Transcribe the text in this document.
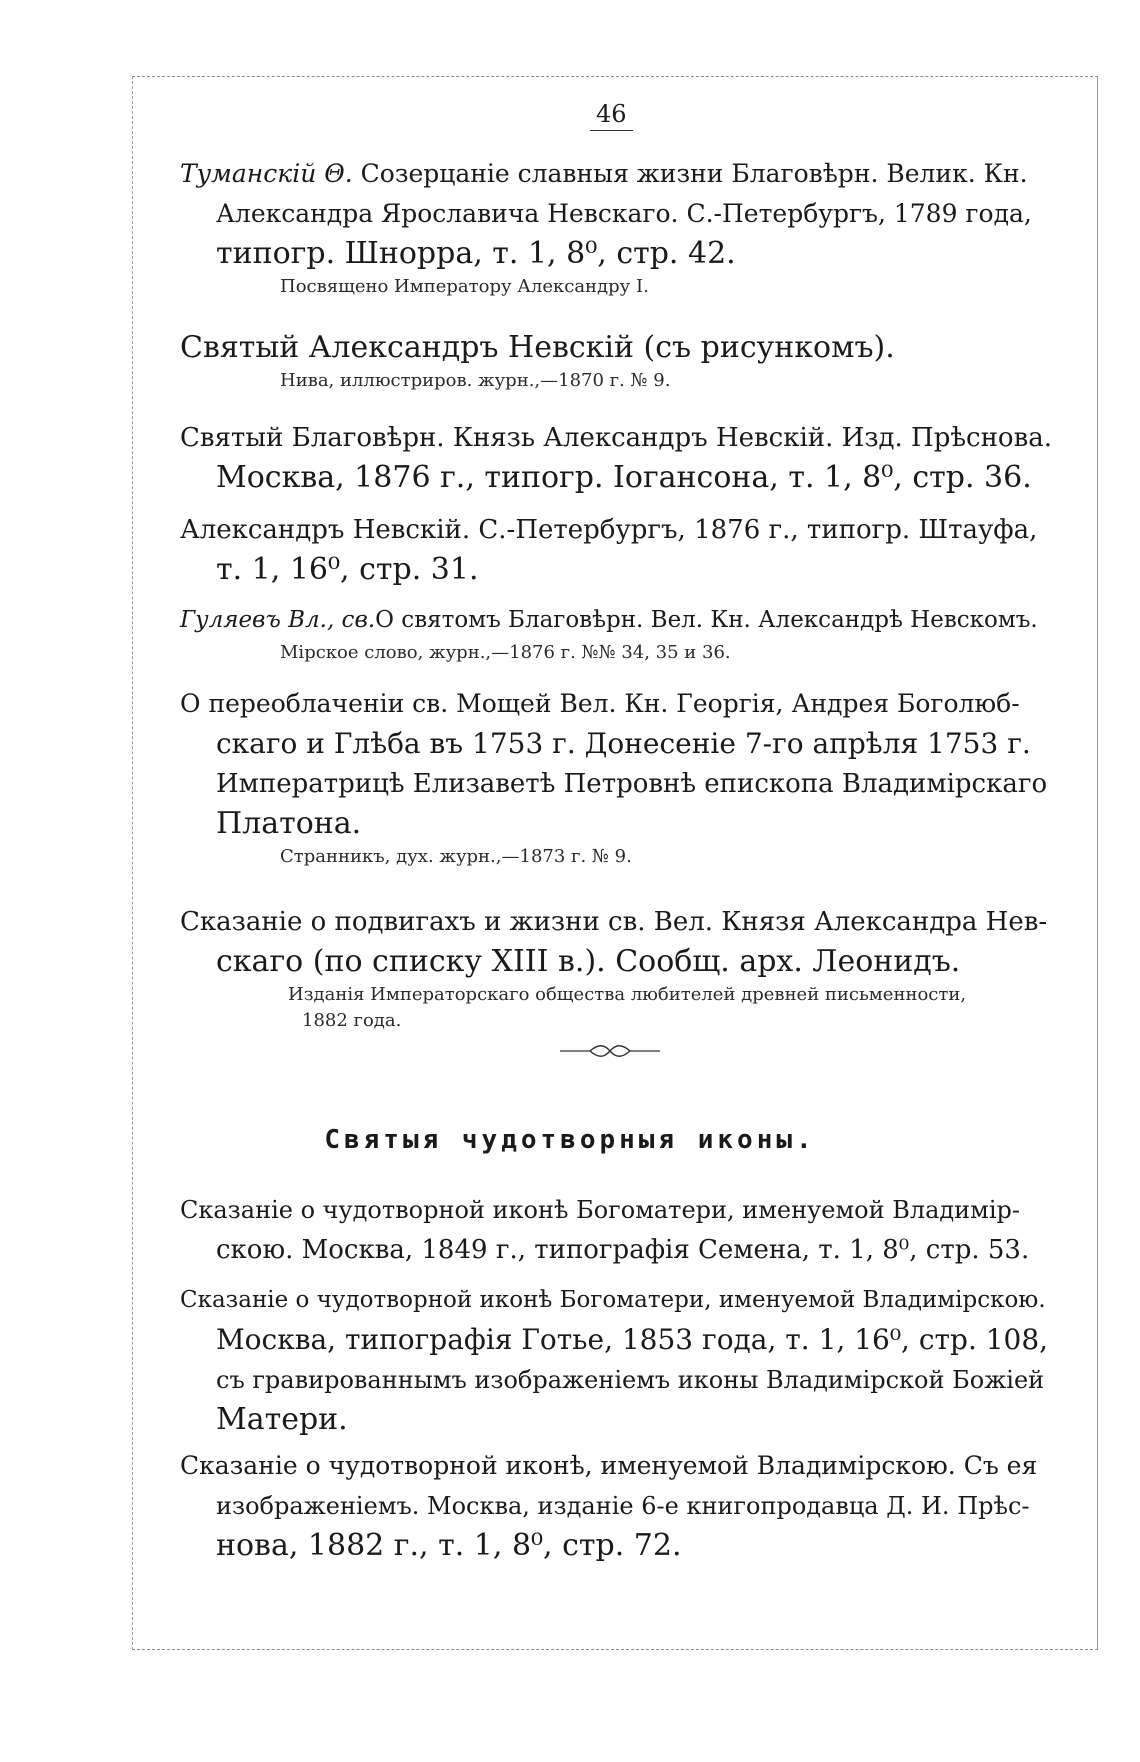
46
Туманскій Θ. Созерцаніе славныя жизни Благовѣрн. Велик. Кн.
Александра Ярославича Невскаго. С.-Петербургъ, 1789 года,
типогр. Шнорра, т. 1, 8⁰, стр. 42.
Посвящено Императору Александру I.
Святый Александръ Невскій (съ рисункомъ).
Нива, иллюстриров. журн.,—1870 г. № 9.
Святый Благовѣрн. Князь Александръ Невскій. Изд. Прѣснова.
Москва, 1876 г., типогр. Іогансона, т. 1, 8⁰, стр. 36.
Александръ Невскій. С.-Петербургъ, 1876 г., типогр. Штауфа,
т. 1, 16⁰, стр. 31.
Гуляевъ Вл., св. О святомъ Благовѣрн. Вел. Кн. Александрѣ Невскомъ.
Мірское слово, журн.,—1876 г. №№ 34, 35 и 36.
О переоблаченіи св. Мощей Вел. Кн. Георгія, Андрея Боголюб-
скаго и Глѣба въ 1753 г. Донесеніе 7-го апрѣля 1753 г.
Императрицѣ Елизаветѣ Петровнѣ епископа Владимірскаго
Платона.
Странникъ, дух. журн.,—1873 г. № 9.
Сказаніе о подвигахъ и жизни св. Вел. Князя Александра Нев-
скаго (по списку XIII в.). Сообщ. арх. Леонидъ.
Изданія Императорскаго общества любителей древней письменности,
1882 года.
Святыя чудотворныя иконы.
Сказаніе о чудотворной иконѣ Богоматери, именуемой Владимір-
скою. Москва, 1849 г., типографія Семена, т. 1, 8⁰, стр. 53.
Сказаніе о чудотворной иконѣ Богоматери, именуемой Владимірскою.
Москва, типографія Готье, 1853 года, т. 1, 16⁰, стр. 108,
съ гравированнымъ изображеніемъ иконы Владимірской Божіей
Матери.
Сказаніе о чудотворной иконѣ, именуемой Владимірскою. Съ ея
изображеніемъ. Москва, изданіе 6-е книгопродавца Д. И. Прѣс-
нова, 1882 г., т. 1, 8⁰, стр. 72.
